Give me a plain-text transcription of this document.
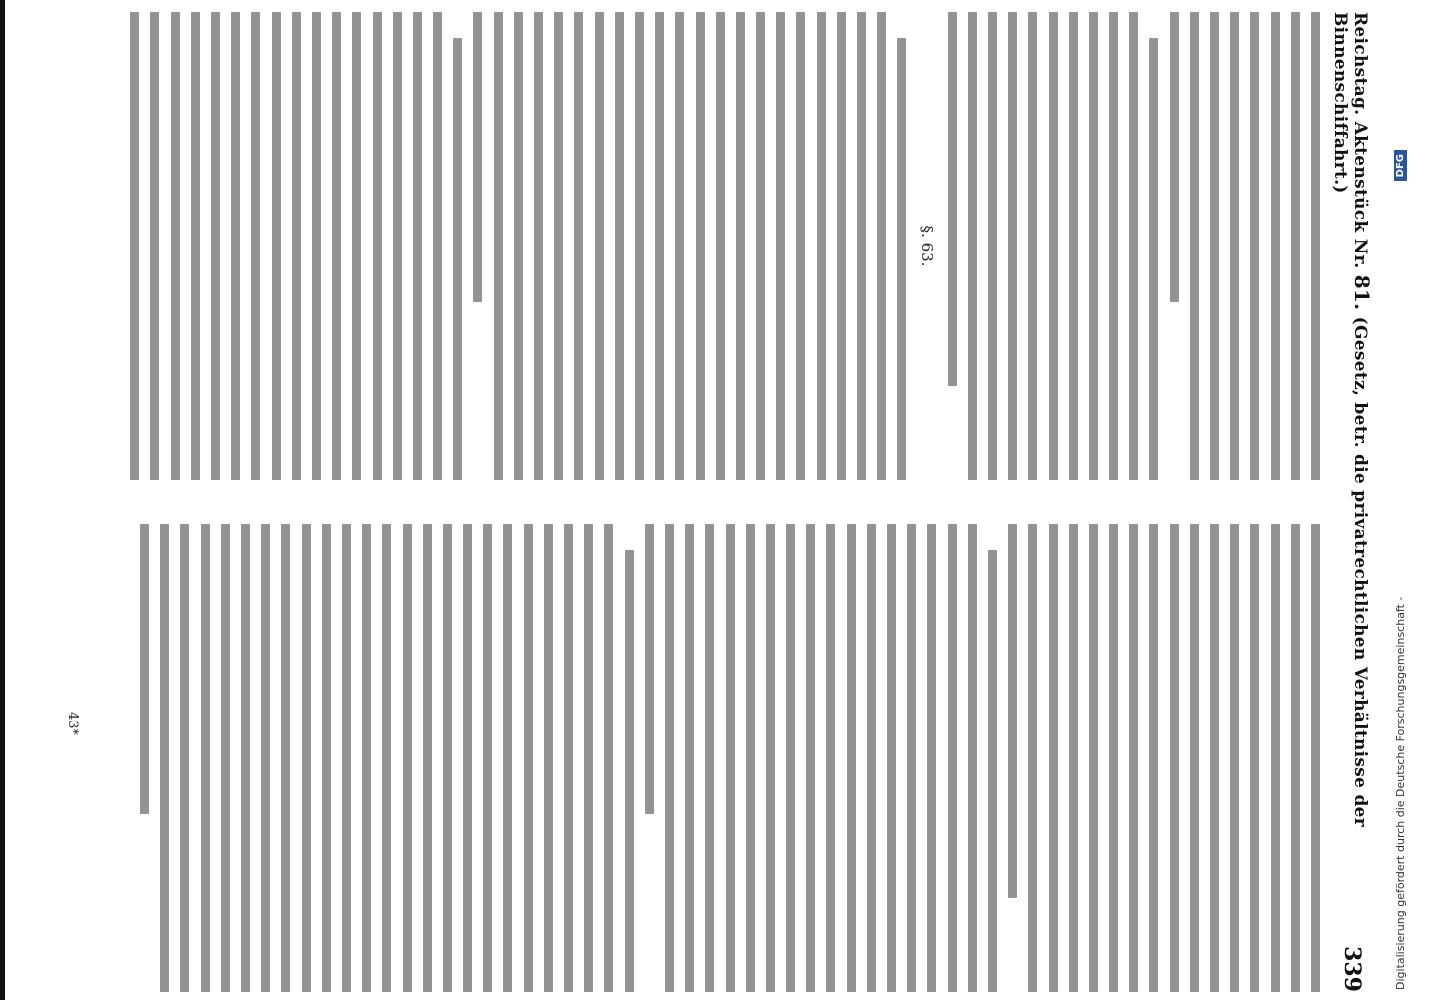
Reichstag. Aktenstück Nr. 81. (Gesetz, betr. die privatrechtlichen Verhältnisse der Binnenschiffahrt.)
339
§. 63.
43*	Digitalisierung gefördert durch die Deutsche Forschungsgemeinschaft -
DFG
